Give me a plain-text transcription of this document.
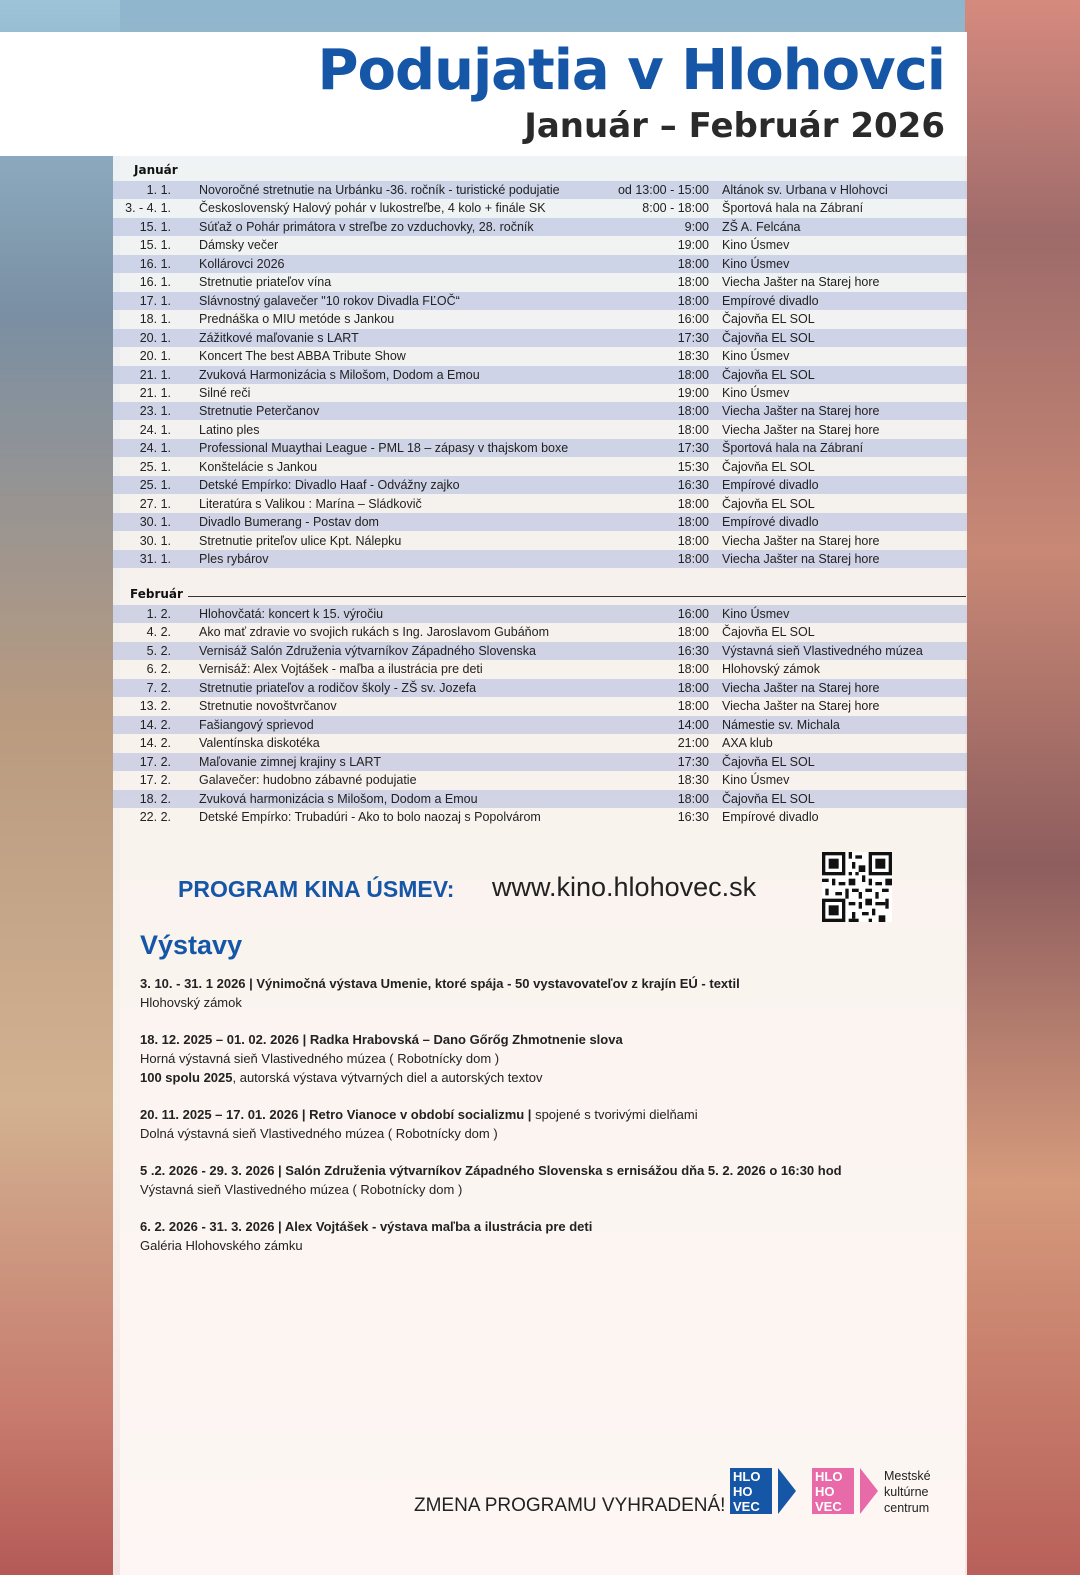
Podujatia v Hlohovci
Január – Február 2026
Január
1. 1. Novoročné stretnutie na Urbánku -36. ročník - turistické podujatie	od 13:00 - 15:00 Altánok sv. Urbana v Hlohovci
3. - 4. 1. Československý Halový pohár v lukostreľbe, 4 kolo + finále SK	8:00 - 18:00 Športová hala na Zábraní
15. 1. Súťaž o Pohár primátora v streľbe zo vzduchovky, 28. ročník	9:00 ZŠ A. Felcána
15. 1. Dámsky večer	19:00 Kino Úsmev
16. 1. Kollárovci 2026	18:00 Kino Úsmev
16. 1. Stretnutie priateľov vína	18:00 Viecha Jašter na Starej hore
17. 1. Slávnostný galavečer "10 rokov Divadla FĽOČ“	18:00 Empírové divadlo
18. 1. Prednáška o MIU metóde s Jankou	16:00 Čajovňa EL SOL
20. 1. Zážitkové maľovanie s LART	17:30 Čajovňa EL SOL
20. 1. Koncert The best ABBA Tribute Show	18:30 Kino Úsmev
21. 1. Zvuková Harmonizácia s Milošom, Dodom a Emou	18:00 Čajovňa EL SOL
21. 1. Silné reči	19:00 Kino Úsmev
23. 1. Stretnutie Peterčanov	18:00 Viecha Jašter na Starej hore
24. 1. Latino ples	18:00 Viecha Jašter na Starej hore
24. 1. Professional Muaythai League - PML 18 – zápasy v thajskom boxe	17:30 Športová hala na Zábraní
25. 1. Konštelácie s Jankou	15:30 Čajovňa EL SOL
25. 1. Detské Empírko: Divadlo Haaf - Odvážny zajko	16:30 Empírové divadlo
27. 1. Literatúra s Valikou : Marína – Sládkovič	18:00 Čajovňa EL SOL
30. 1. Divadlo Bumerang - Postav dom	18:00 Empírové divadlo
30. 1. Stretnutie priteľov ulice Kpt. Nálepku	18:00 Viecha Jašter na Starej hore
31. 1. Ples rybárov	18:00 Viecha Jašter na Starej hore
Február
1. 2. Hlohovčatá: koncert k 15. výročiu	16:00 Kino Úsmev
4. 2. Ako mať zdravie vo svojich rukách s Ing. Jaroslavom Gubáňom	18:00 Čajovňa EL SOL
5. 2. Vernisáž Salón Združenia výtvarníkov Západného Slovenska	16:30 Výstavná sieň Vlastivedného múzea
6. 2. Vernisáž: Alex Vojtášek - maľba a ilustrácia pre deti	18:00 Hlohovský zámok
7. 2. Stretnutie priateľov a rodičov školy - ZŠ sv. Jozefa	18:00 Viecha Jašter na Starej hore
13. 2. Stretnutie novoštvrčanov	18:00 Viecha Jašter na Starej hore
14. 2. Fašiangový sprievod	14:00 Námestie sv. Michala
14. 2. Valentínska diskotéka	21:00 AXA klub
17. 2. Maľovanie zimnej krajiny s LART	17:30 Čajovňa EL SOL
17. 2. Galavečer: hudobno zábavné podujatie	18:30 Kino Úsmev
18. 2. Zvuková harmonizácia s Milošom, Dodom a Emou	18:00 Čajovňa EL SOL
22. 2. Detské Empírko: Trubadúri - Ako to bolo naozaj s Popolvárom	16:30 Empírové divadlo
PROGRAM KINA ÚSMEV: www.kino.hlohovec.sk
Výstavy
3. 10. - 31. 1 2026 | Výnimočná výstava Umenie, ktoré spája - 50 vystavovateľov z krajín EÚ - textil
Hlohovský zámok
18. 12. 2025 – 01. 02. 2026 | Radka Hrabovská – Dano Gőrőg Zhmotnenie slova
Horná výstavná sieň Vlastivedného múzea ( Robotnícky dom )
100 spolu 2025, autorská výstava výtvarných diel a autorských textov
20. 11. 2025 – 17. 01. 2026 | Retro Vianoce v období socializmu | spojené s tvorivými dielňami
Dolná výstavná sieň Vlastivedného múzea ( Robotnícky dom )
5 .2. 2026 - 29. 3. 2026 | Salón Združenia výtvarníkov Západného Slovenska s ernisážou dňa 5. 2. 2026 o 16:30 hod
Výstavná sieň Vlastivedného múzea ( Robotnícky dom )
6. 2. 2026 - 31. 3. 2026 | Alex Vojtášek - výstava maľba a ilustrácia pre deti
Galéria Hlohovského zámku
ZMENA PROGRAMU VYHRADENÁ!
HLO
HO
VEC
HLO
HO
VEC
Mestské
kultúrne
centrum
